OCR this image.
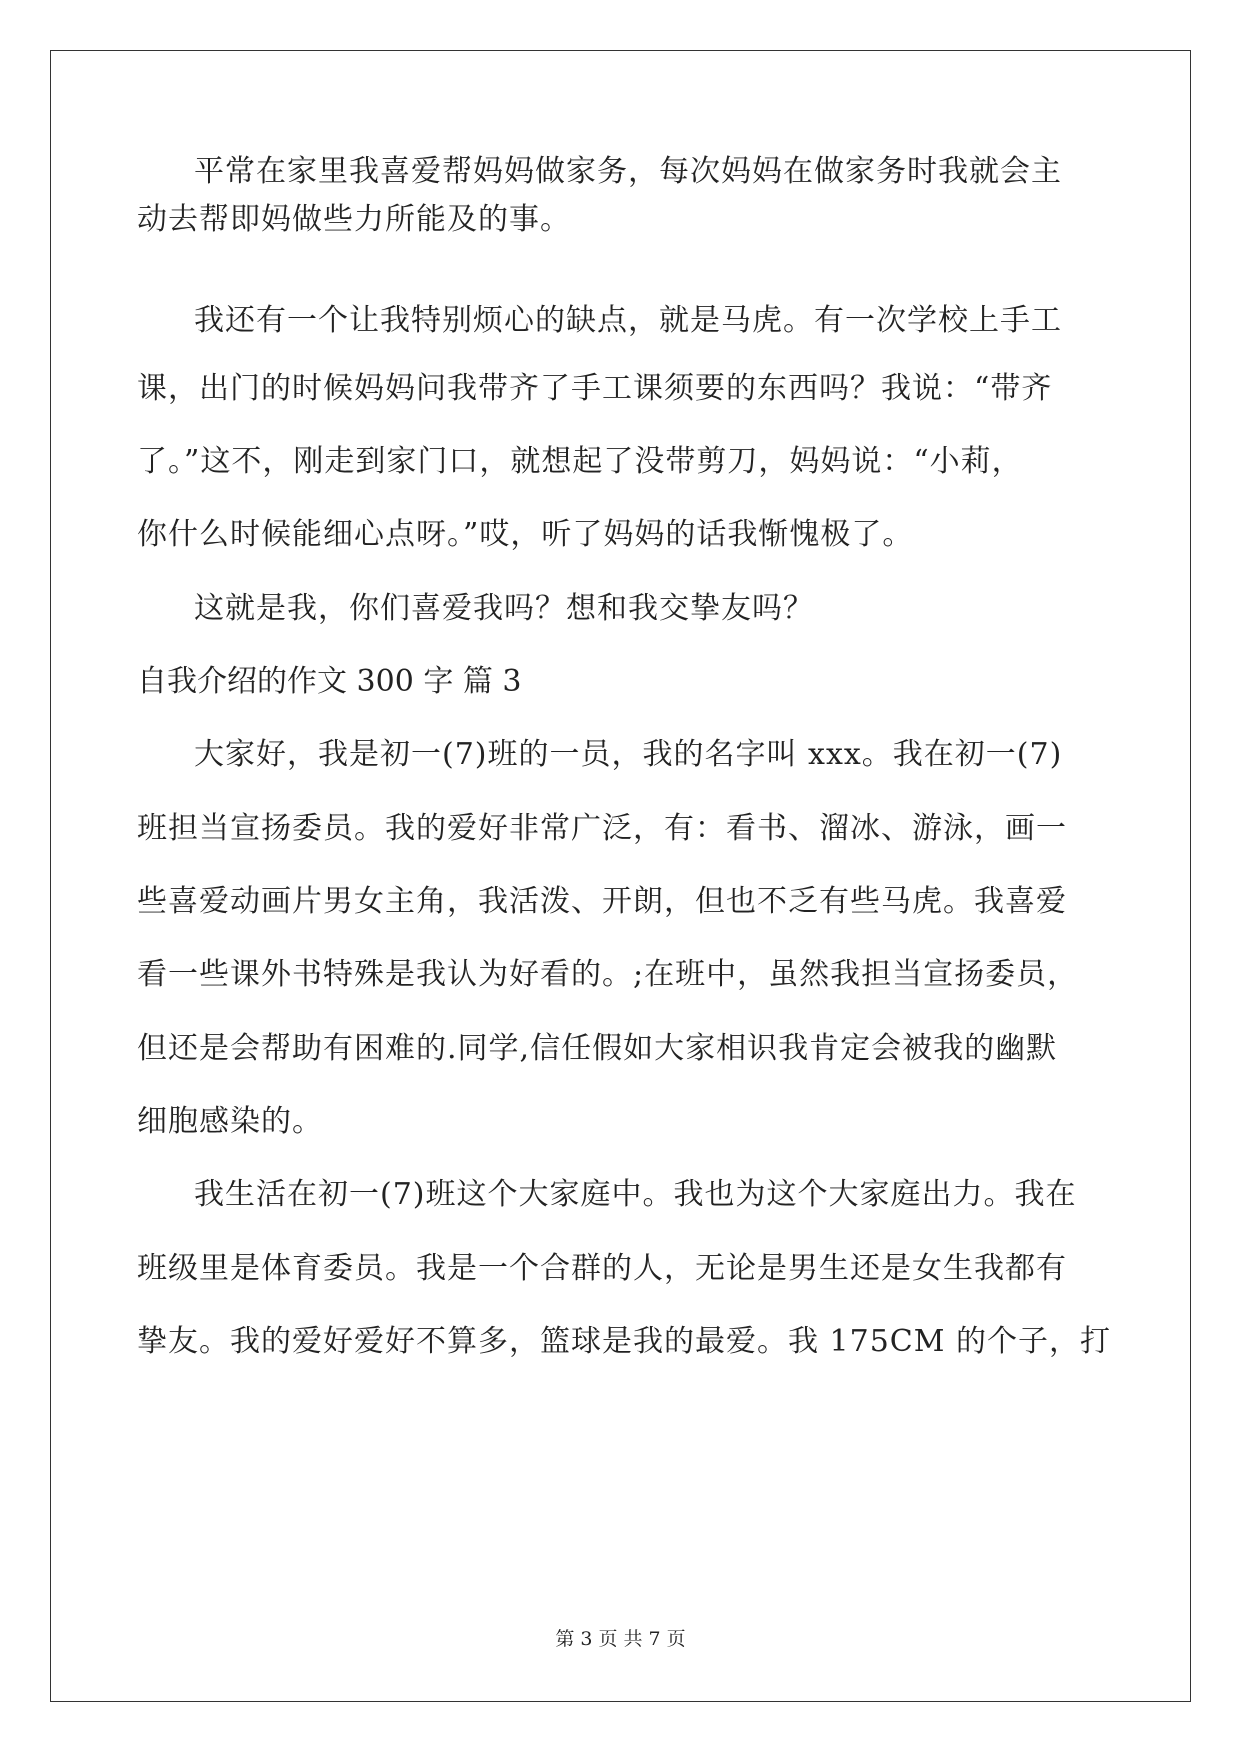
平常在家里我喜爱帮妈妈做家务，每次妈妈在做家务时我就会主
动去帮即妈做些力所能及的事。
我还有一个让我特别烦心的缺点，就是马虎。有一次学校上手工
课，出门的时候妈妈问我带齐了手工课须要的东西吗？我说：“带齐
了。”这不，刚走到家门口，就想起了没带剪刀，妈妈说：“小莉，
你什么时候能细心点呀。”哎，听了妈妈的话我惭愧极了。
这就是我，你们喜爱我吗？想和我交挚友吗？
自我介绍的作文 300 字 篇 3
大家好，我是初一(7)班的一员，我的名字叫 xxx。我在初一(7)
班担当宣扬委员。我的爱好非常广泛，有：看书、溜冰、游泳，画一
些喜爱动画片男女主角，我活泼、开朗，但也不乏有些马虎。我喜爱
看一些课外书特殊是我认为好看的。;在班中，虽然我担当宣扬委员，
但还是会帮助有困难的.同学,信任假如大家相识我肯定会被我的幽默
细胞感染的。
我生活在初一(7)班这个大家庭中。我也为这个大家庭出力。我在
班级里是体育委员。我是一个合群的人，无论是男生还是女生我都有
挚友。我的爱好爱好不算多，篮球是我的最爱。我 175CM 的个子，打
第 3 页 共 7 页
